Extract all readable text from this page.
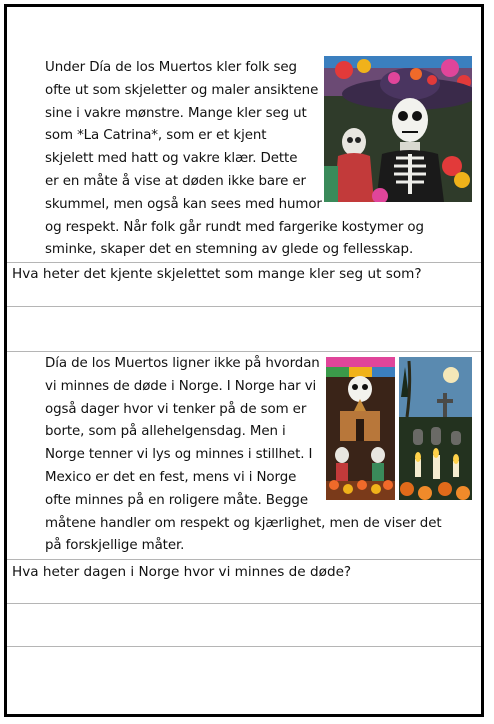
Under Día de los Muertos kler folk seg
ofte ut som skjeletter og maler ansiktene
sine i vakre mønstre. Mange kler seg ut
som *La Catrina*, som er et kjent
skjelett med hatt og vakre klær. Dette
er en måte å vise at døden ikke bare er
skummel, men også kan sees med humor
og respekt. Når folk går rundt med fargerike kostymer og
sminke, skaper det en stemning av glede og fellesskap.
Hva heter det kjente skjelettet som mange kler seg ut som?
Día de los Muertos ligner ikke på hvordan
vi minnes de døde i Norge. I Norge har vi
også dager hvor vi tenker på de som er
borte, som på allehelgensdag. Men i
Norge tenner vi lys og minnes i stillhet. I
Mexico er det en fest, mens vi i Norge
ofte minnes på en roligere måte. Begge
måtene handler om respekt og kjærlighet, men de viser det
på forskjellige måter.
Hva heter dagen i Norge hvor vi minnes de døde?
